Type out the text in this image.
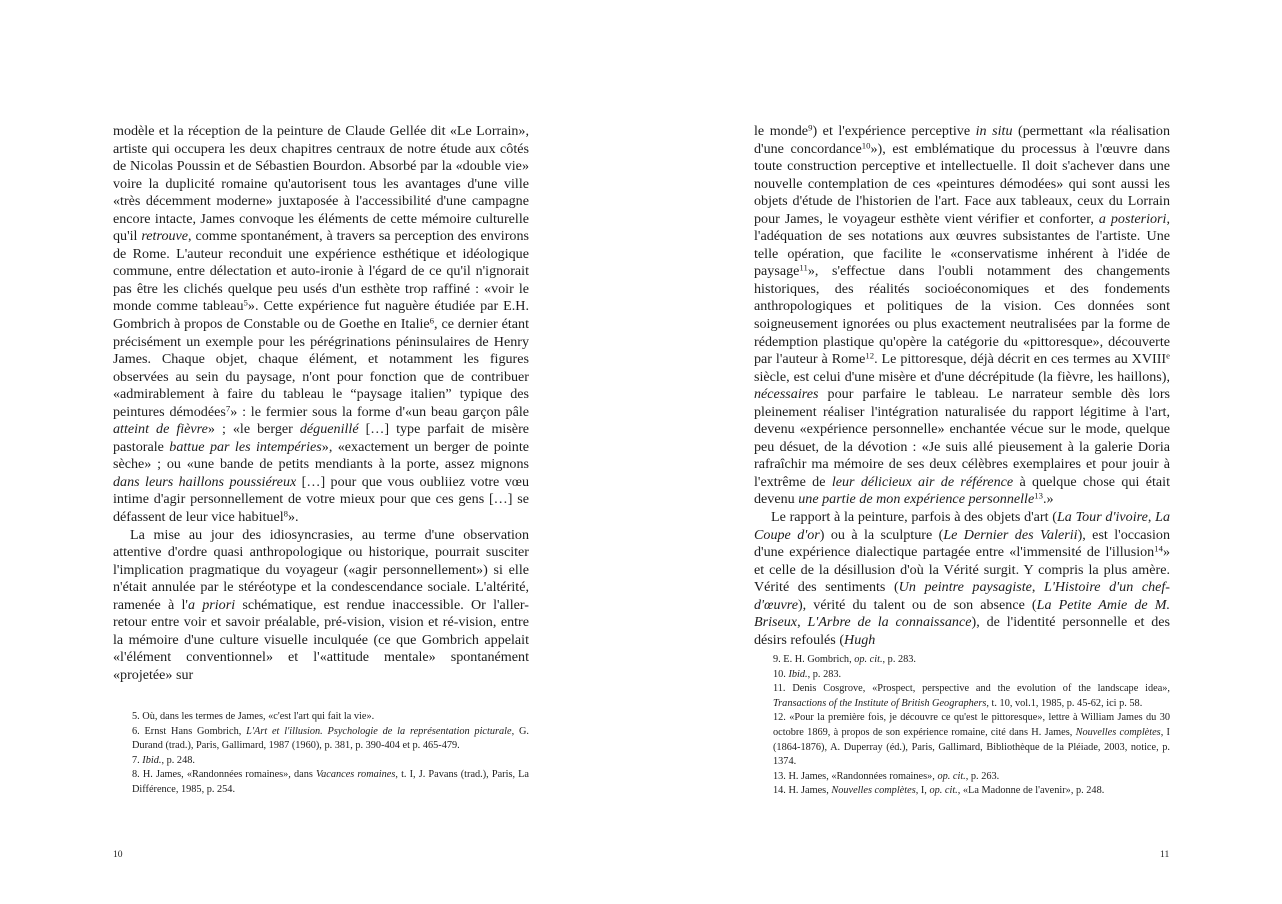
modèle et la réception de la peinture de Claude Gellée dit «Le Lorrain», artiste qui occupera les deux chapitres centraux de notre étude aux côtés de Nicolas Poussin et de Sébastien Bourdon. Absorbé par la «double vie» voire la duplicité romaine qu'autorisent tous les avantages d'une ville «très décemment moderne» juxtaposée à l'accessibilité d'une campagne encore intacte, James convoque les éléments de cette mémoire culturelle qu'il retrouve, comme spontanément, à travers sa perception des environs de Rome. L'auteur reconduit une expérience esthétique et idéologique commune, entre délectation et auto-ironie à l'égard de ce qu'il n'ignorait pas être les clichés quelque peu usés d'un esthète trop raffiné : «voir le monde comme tableau$^5$». Cette expérience fut naguère étudiée par E.H. Gombrich à propos de Constable ou de Goethe en Italie$^6$, ce dernier étant précisément un exemple pour les pérégrinations péninsulaires de Henry James. Chaque objet, chaque élément, et notamment les figures observées au sein du paysage, n'ont pour fonction que de contribuer «admirablement à faire du tableau le “paysage italien” typique des peintures démodées$^7$» : le fermier sous la forme d'«un beau garçon pâle atteint de fièvre» ; «le berger déguenillé […] type parfait de misère pastorale battue par les intempéries», «exactement un berger de pointe sèche» ; ou «une bande de petits mendiants à la porte, assez mignons dans leurs haillons poussiéreux […] pour que vous oubliiez votre vœu intime d'agir personnellement de votre mieux pour que ces gens […] se défassent de leur vice habituel$^8$».

La mise au jour des idiosyncrasies, au terme d'une observation attentive d'ordre quasi anthropologique ou historique, pourrait susciter l'implication pragmatique du voyageur («agir personnellement») si elle n'était annulée par le stéréotype et la condescendance sociale. L'altérité, ramenée à l'a priori schématique, est rendue inaccessible. Or l'aller-retour entre voir et savoir préalable, pré-vision, vision et ré-vision, entre la mémoire d'une culture visuelle inculquée (ce que Gombrich appelait «l'élément conventionnel» et l'«attitude mentale» spontanément «projetée» sur

5. Où, dans les termes de James, «c'est l'art qui fait la vie».
6. Ernst Hans Gombrich, L'Art et l'illusion. Psychologie de la représentation picturale, G. Durand (trad.), Paris, Gallimard, 1987 (1960), p. 381, p. 390-404 et p. 465-479.
7. Ibid., p. 248.
8. H. James, «Randonnées romaines», dans Vacances romaines, t. I, J. Pavans (trad.), Paris, La Différence, 1985, p. 254.
10

le monde$^9$) et l'expérience perceptive in situ (permettant «la réalisation d'une concordance$^{10}$»), est emblématique du processus à l'œuvre dans toute construction perceptive et intellectuelle. Il doit s'achever dans une nouvelle contemplation de ces «peintures démodées» qui sont aussi les objets d'étude de l'historien de l'art. Face aux tableaux, ceux du Lorrain pour James, le voyageur esthète vient vérifier et conforter, a posteriori, l'adéquation de ses notations aux œuvres subsistantes de l'artiste. Une telle opération, que facilite le «conservatisme inhérent à l'idée de paysage$^{11}$», s'effectue dans l'oubli notamment des changements historiques, des réalités socioéconomiques et des fondements anthropologiques et politiques de la vision. Ces données sont soigneusement ignorées ou plus exactement neutralisées par la forme de rédemption plastique qu'opère la catégorie du «pittoresque», découverte par l'auteur à Rome$^{12}$. Le pittoresque, déjà décrit en ces termes au XVIIIe siècle, est celui d'une misère et d'une décrépitude (la fièvre, les haillons), nécessaires pour parfaire le tableau. Le narrateur semble dès lors pleinement réaliser l'intégration naturalisée du rapport légitime à l'art, devenu «expérience personnelle» enchantée vécue sur le mode, quelque peu désuet, de la dévotion : «Je suis allé pieusement à la galerie Doria rafraîchir ma mémoire de ses deux célèbres exemplaires et pour jouir à l'extrême de leur délicieux air de référence à quelque chose qui était devenu une partie de mon expérience personnelle$^{13}$.»

Le rapport à la peinture, parfois à des objets d'art (La Tour d'ivoire, La Coupe d'or) ou à la sculpture (Le Dernier des Valerii), est l'occasion d'une expérience dialectique partagée entre «l'immensité de l'illusion$^{14}$» et celle de la désillusion d'où la Vérité surgit. Y compris la plus amère. Vérité des sentiments (Un peintre paysagiste, L'Histoire d'un chef-d'œuvre), vérité du talent ou de son absence (La Petite Amie de M. Briseux, L'Arbre de la connaissance), de l'identité personnelle et des désirs refoulés (Hugh

9. E. H. Gombrich, op. cit., p. 283.
10. Ibid., p. 283.
11. Denis Cosgrove, «Prospect, perspective and the evolution of the landscape idea», Transactions of the Institute of British Geographers, t. 10, vol.1, 1985, p. 45-62, ici p. 58.
12. «Pour la première fois, je découvre ce qu'est le pittoresque», lettre à William James du 30 octobre 1869, à propos de son expérience romaine, cité dans H. James, Nouvelles complètes, I (1864-1876), A. Duperray (éd.), Paris, Gallimard, Bibliothèque de la Pléiade, 2003, notice, p. 1374.
13. H. James, «Randonnées romaines», op. cit., p. 263.
14. H. James, Nouvelles complètes, I, op. cit., «La Madonne de l'avenir», p. 248.
11
